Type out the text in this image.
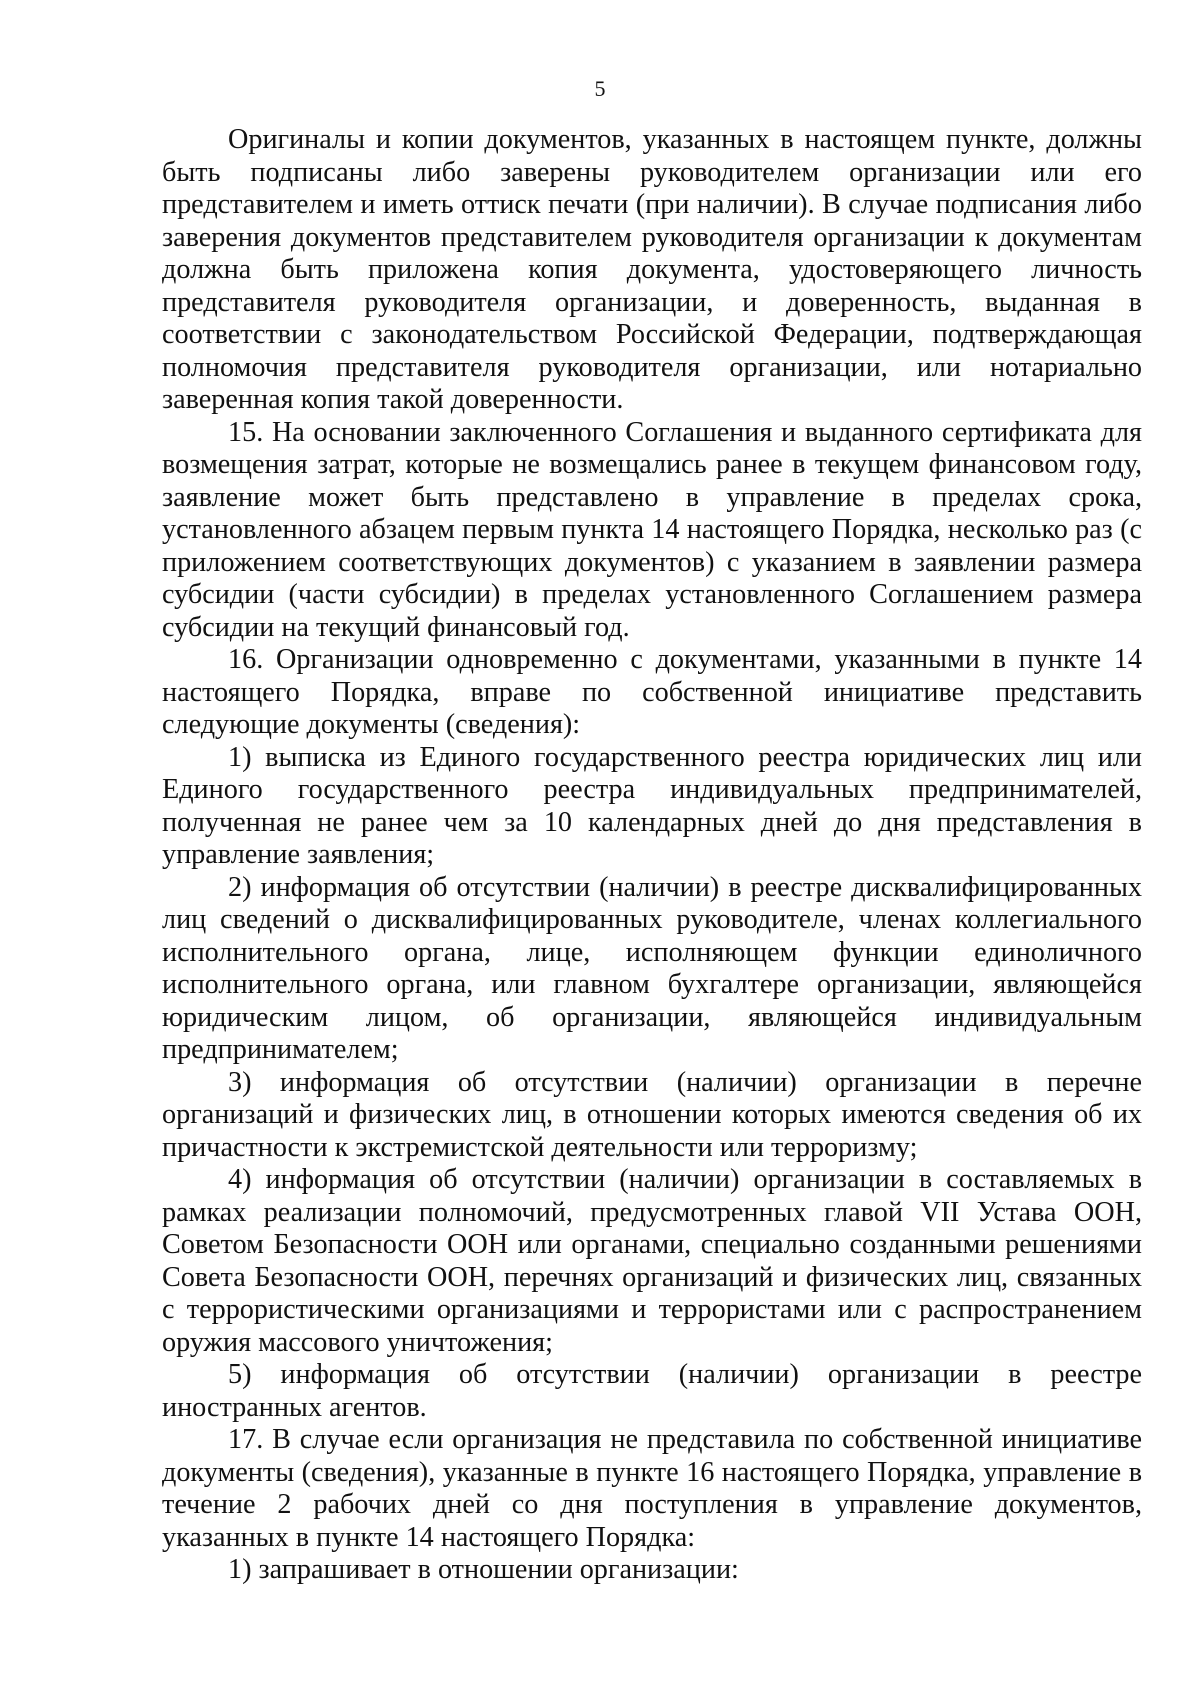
5

Оригиналы и копии документов, указанных в настоящем пункте, должны быть подписаны либо заверены руководителем организации или его представителем и иметь оттиск печати (при наличии). В случае подписания либо заверения документов представителем руководителя организации к документам должна быть приложена копия документа, удостоверяющего личность представителя руководителя организации, и доверенность, выданная в соответствии с законодательством Российской Федерации, подтверждающая полномочия представителя руководителя организации, или нотариально заверенная копия такой доверенности.

15. На основании заключенного Соглашения и выданного сертификата для возмещения затрат, которые не возмещались ранее в текущем финансовом году, заявление может быть представлено в управление в пределах срока, установленного абзацем первым пункта 14 настоящего Порядка, несколько раз (с приложением соответствующих документов) с указанием в заявлении размера субсидии (части субсидии) в пределах установленного Соглашением размера субсидии на текущий финансовый год.

16. Организации одновременно с документами, указанными в пункте 14 настоящего Порядка, вправе по собственной инициативе представить следующие документы (сведения):

1) выписка из Единого государственного реестра юридических лиц или Единого государственного реестра индивидуальных предпринимателей, полученная не ранее чем за 10 календарных дней до дня представления в управление заявления;

2) информация об отсутствии (наличии) в реестре дисквалифицированных лиц сведений о дисквалифицированных руководителе, членах коллегиального исполнительного органа, лице, исполняющем функции единоличного исполнительного органа, или главном бухгалтере организации, являющейся юридическим лицом, об организации, являющейся индивидуальным предпринимателем;

3) информация об отсутствии (наличии) организации в перечне организаций и физических лиц, в отношении которых имеются сведения об их причастности к экстремистской деятельности или терроризму;

4) информация об отсутствии (наличии) организации в составляемых в рамках реализации полномочий, предусмотренных главой VII Устава ООН, Советом Безопасности ООН или органами, специально созданными решениями Совета Безопасности ООН, перечнях организаций и физических лиц, связанных с террористическими организациями и террористами или с распространением оружия массового уничтожения;

5) информация об отсутствии (наличии) организации в реестре иностранных агентов.

17. В случае если организация не представила по собственной инициативе документы (сведения), указанные в пункте 16 настоящего Порядка, управление в течение 2 рабочих дней со дня поступления в управление документов, указанных в пункте 14 настоящего Порядка:

1) запрашивает в отношении организации:
